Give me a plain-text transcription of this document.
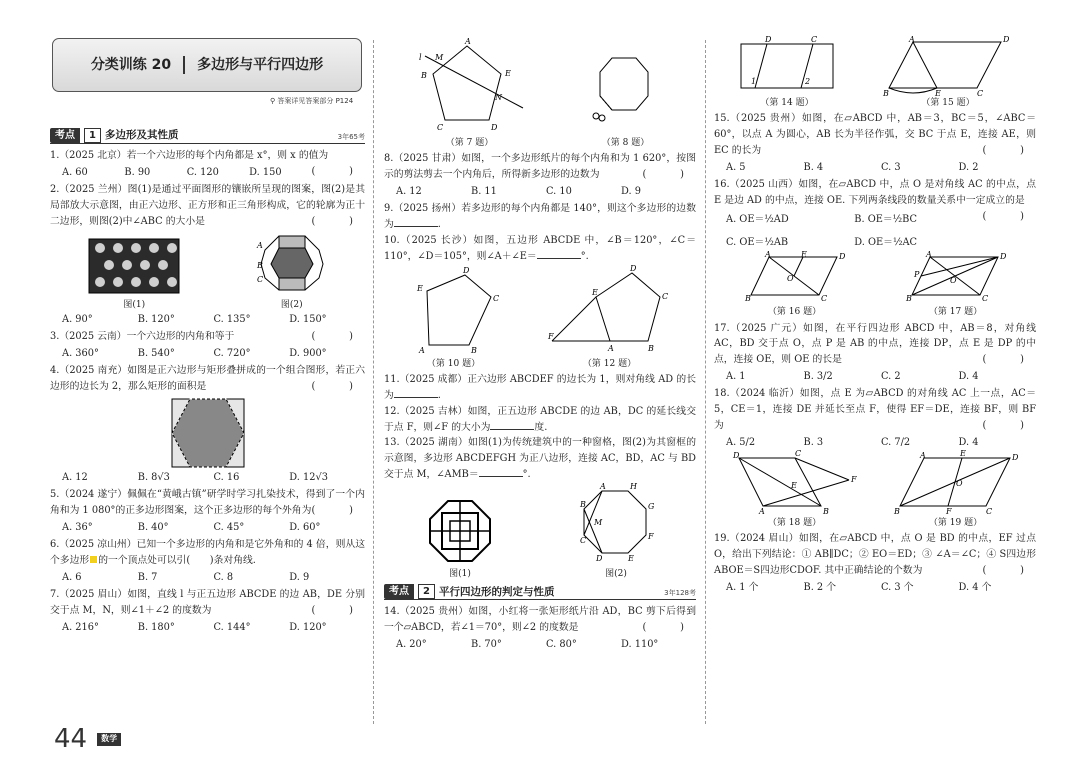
分类训练 20 多边形与平行四边形
⚲ 答案详见答案部分 P124
考点	1 多边形及其性质	3年65考
1.（2025 北京）若一个六边形的每个内角都是 x°，则 x 的值为
(　)
A. 60	B. 90	C. 120	D. 150
2.（2025 兰州）图(1)是通过平面图形的镶嵌所呈现的图案，图(2)是其局部放大示意图，由正六边形、正方形和正三角形构成，它的轮廓为正十二边形，则图(2)中∠ABC 的大小是	(　)
图(1)
A
B
C
图(2)
A. 90°	B. 120°	C. 135°	D. 150°
3.（2025 云南）一个六边形的内角和等于	(　)
A. 360°	B. 540°	C. 720°	D. 900°
4.（2025 南充）如图是正六边形与矩形叠拼成的一个组合图形，若正六边形的边长为 2，那么矩形的面积是	(　)
A. 12	B. 8√3	C. 16	D. 12√3
5.（2024 遂宁）佩佩在“黄峨古镇”研学时学习扎染技术，得到了一个内角和为 1 080°的正多边形图案，这个正多边形的每个外角为 (　)
A. 36°	B. 40°	C. 45°	D. 60°
6.（2025 凉山州）已知一个多边形的内角和是它外角和的 4 倍，则从这个多边形 的一个顶点处可以引(　　)条对角线.
A. 6	B. 7	C. 8	D. 9
7.（2025 眉山）如图，直线 l 与正五边形 ABCDE 的边 AB，DE 分别交于点 M，N，则∠1＋∠2 的度数为	(　)
A. 216°	B. 180°	C. 144°	D. 120°
A
E
D
C
B
M
N
l
（第 7 题）	（第 8 题）
8.（2025 甘肃）如图，一个多边形纸片的每个内角和为 1 620°，按图示的剪法剪去一个内角后，所得新多边形的边数为	(　)
A. 12	B. 11	C. 10	D. 9
9.（2025 扬州）若多边形的每个内角都是 140°，则这个多边形的边数为	.
10.（2025 长沙）如图，五边形 ABCDE 中，∠B＝120°，∠C＝110°，∠D＝105°，则∠A＋∠E＝	°.
D
C
B
A
E
（第 10 题）
E
D
C
B
A
F
（第 12 题）
11.（2025 成都）正六边形 ABCDEF 的边长为 1，则对角线 AD 的长为	.
12.（2025 吉林）如图，正五边形 ABCDE 的边 AB，DC 的延长线交于点 F，则∠F 的大小为	度.
13.（2025 湖南）如图(1)为传统建筑中的一种窗格，图(2)为其窗框的示意图，多边形 ABCDEFGH 为正八边形，连接 AC，BD，AC 与 BD 交于点 M，∠AMB＝	°.
图(1)
A	H
G
F
E
D
C
B
M
图(2)
考点	2 平行四边形的判定与性质	3年128考
14.（2025 贵州）如图，小红将一张矩形纸片沿 AD，BC 剪下后得到一个▱ABCD，若∠1＝70°，则∠2 的度数是	(　)
A. 20°	B. 70°	C. 80°	D. 110°
D	C
1	2
（第 14 题）
A	D
B	E	C
（第 15 题）
15.（2025 贵州）如图，在▱ABCD 中，AB＝3，BC＝5，∠ABC＝60°，以点 A 为圆心，AB 长为半径作弧，交 BC 于点 E，连接 AE，则 EC 的长为	(　)
A. 5	B. 4	C. 3	D. 2
16.（2025 山西）如图，在▱ABCD 中，点 O 是对角线 AC 的中点，点 E 是边 AD 的中点，连接 OE. 下列两条线段的数量关系中一定成立的是
(　)
A. OE＝½AD	B. OE＝½BC
C. OE＝½AB	D. OE＝½AC
A	E	D
B	C
O
（第 16 题）
A	D
B	C
P
O
（第 17 题）
17.（2025 广元）如图，在平行四边形 ABCD 中，AB＝8，对角线 AC，BD 交于点 O，点 P 是 AB 的中点，连接 DP，点 E 是 DP 的中点，连接 OE，则 OE 的长是	(　)
A. 1	B. 3/2	C. 2	D. 4
18.（2024 临沂）如图，点 E 为▱ABCD 的对角线 AC 上一点，AC＝5，CE＝1，连接 DE 并延长至点 F，使得 EF＝DE，连接 BF，则 BF 为	(　)
A. 5/2	B. 3	C. 7/2	D. 4
D	C
A	B
F
E
（第 18 题）
A	E	D
B	F	C
O
（第 19 题）
19.（2024 眉山）如图，在▱ABCD 中，点 O 是 BD 的中点，EF 过点 O，给出下列结论：① AB∥DC；② EO＝ED；③ ∠A＝∠C；④ S四边形ABOE＝S四边形CDOF. 其中正确结论的个数为	(　)
A. 1 个	B. 2 个	C. 3 个	D. 4 个
44	数学
